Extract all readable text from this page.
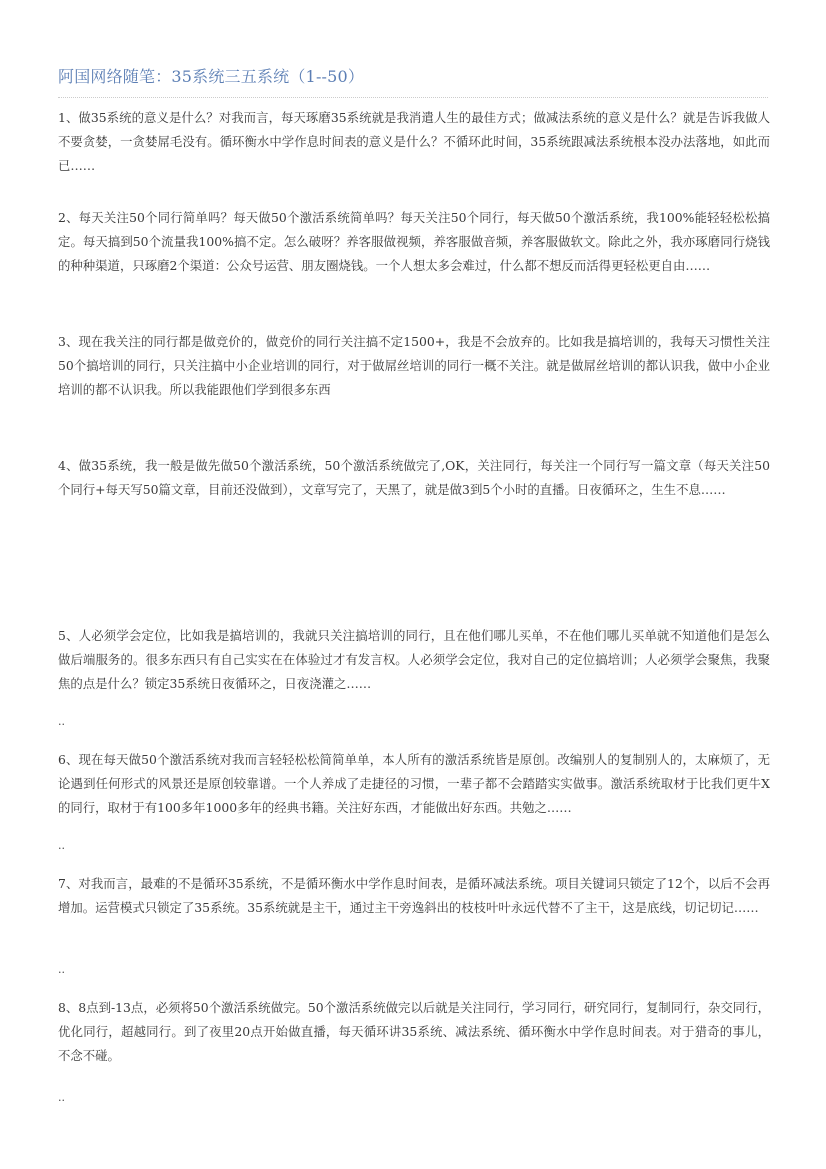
阿国网络随笔：35系统三五系统（1--50）
1、做35系统的意义是什么？对我而言，每天琢磨35系统就是我消遣人生的最佳方式；做减法系统的意义是什么？就是告诉我做人不要贪婪，一贪婪屌毛没有。循环衡水中学作息时间表的意义是什么？不循环此时间，35系统跟减法系统根本没办法落地，如此而已……
2、每天关注50个同行简单吗？每天做50个激活系统简单吗？每天关注50个同行，每天做50个激活系统，我100%能轻轻松松搞定。每天搞到50个流量我100%搞不定。怎么破呀？养客服做视频，养客服做音频，养客服做软文。除此之外，我亦琢磨同行烧钱的种种渠道，只琢磨2个渠道：公众号运营、朋友圈烧钱。一个人想太多会难过，什么都不想反而活得更轻松更自由……
3、现在我关注的同行都是做竞价的，做竞价的同行关注搞不定1500+，我是不会放弃的。比如我是搞培训的，我每天习惯性关注50个搞培训的同行，只关注搞中小企业培训的同行，对于做屌丝培训的同行一概不关注。就是做屌丝培训的都认识我，做中小企业培训的都不认识我。所以我能跟他们学到很多东西
4、做35系统，我一般是做先做50个激活系统，50个激活系统做完了,OK，关注同行，每关注一个同行写一篇文章（每天关注50个同行+每天写50篇文章，目前还没做到），文章写完了，天黑了，就是做3到5个小时的直播。日夜循环之，生生不息……
5、人必须学会定位，比如我是搞培训的，我就只关注搞培训的同行，且在他们哪儿买单，不在他们哪儿买单就不知道他们是怎么做后端服务的。很多东西只有自己实实在在体验过才有发言权。人必须学会定位，我对自己的定位搞培训；人必须学会聚焦，我聚焦的点是什么？锁定35系统日夜循环之，日夜浇灌之……
..
6、现在每天做50个激活系统对我而言轻轻松松简简单单，本人所有的激活系统皆是原创。改编别人的复制别人的，太麻烦了，无论遇到任何形式的风景还是原创较靠谱。一个人养成了走捷径的习惯，一辈子都不会踏踏实实做事。激活系统取材于比我们更牛X的同行，取材于有100多年1000多年的经典书籍。关注好东西，才能做出好东西。共勉之……
..
7、对我而言，最难的不是循环35系统，不是循环衡水中学作息时间表，是循环减法系统。项目关键词只锁定了12个，以后不会再增加。运营模式只锁定了35系统。35系统就是主干，通过主干旁逸斜出的枝枝叶叶永远代替不了主干，这是底线，切记切记……
..
8、8点到-13点，必须将50个激活系统做完。50个激活系统做完以后就是关注同行，学习同行，研究同行，复制同行，杂交同行，优化同行，超越同行。到了夜里20点开始做直播，每天循环讲35系统、减法系统、循环衡水中学作息时间表。对于猎奇的事儿，不念不碰。
..
